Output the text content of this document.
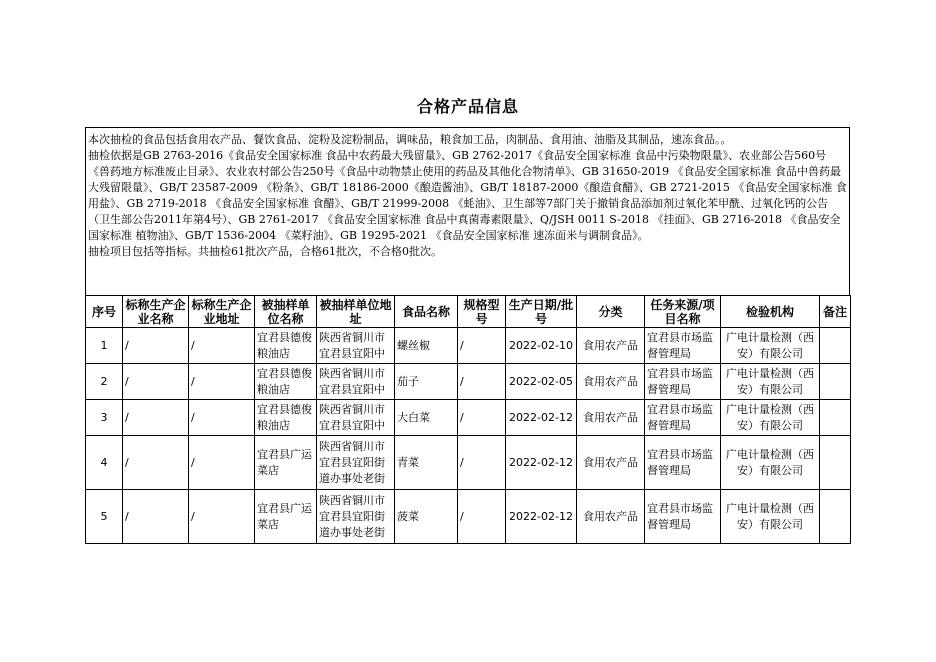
合格产品信息
本次抽检的食品包括食用农产品、餐饮食品、淀粉及淀粉制品，调味品，粮食加工品，肉制品、食用油、油脂及其制品，速冻食品。。
抽检依据是GB 2763-2016《食品安全国家标准 食品中农药最大残留量》、GB 2762-2017《食品安全国家标准 食品中污染物限量》、农业部公告560号《兽药地方标准废止目录》、农业农村部公告250号《食品中动物禁止使用的药品及其他化合物清单》、GB 31650-2019 《食品安全国家标准 食品中兽药最大残留限量》、GB/T 23587-2009 《粉条》、GB/T 18186-2000《酿造酱油》、GB/T 18187-2000《酿造食醋》、GB 2721-2015 《食品安全国家标准 食用盐》、GB 2719-2018 《食品安全国家标准 食醋》、GB/T 21999-2008 《蚝油》、卫生部等7部门关于撤销食品添加剂过氧化苯甲酰、过氧化钙的公告（卫生部公告2011年第4号）、GB 2761-2017 《食品安全国家标准 食品中真菌毒素限量》、Q/JSH 0011 S-2018 《挂面》、GB 2716-2018 《食品安全国家标准 植物油》、GB/T 1536-2004 《菜籽油》、GB 19295-2021 《食品安全国家标准 速冻面米与调制食品》。
抽检项目包括等指标。共抽检61批次产品，合格61批次，不合格0批次。
序号	标称生产企业名称	标称生产企业地址	被抽样单位名称	被抽样单位地址	食品名称	规格型号	生产日期/批号	分类	任务来源/项目名称	检验机构	备注
1	/	/	宜君县德俊粮油店	陕西省铜川市宜君县宜阳中	螺丝椒	/	2022-02-10	食用农产品	宜君县市场监督管理局	广电计量检测（西安）有限公司	
2	/	/	宜君县德俊粮油店	陕西省铜川市宜君县宜阳中	茄子	/	2022-02-05	食用农产品	宜君县市场监督管理局	广电计量检测（西安）有限公司	
3	/	/	宜君县德俊粮油店	陕西省铜川市宜君县宜阳中	大白菜	/	2022-02-12	食用农产品	宜君县市场监督管理局	广电计量检测（西安）有限公司	
4	/	/	宜君县广运菜店	陕西省铜川市宜君县宜阳街道办事处老街	青菜	/	2022-02-12	食用农产品	宜君县市场监督管理局	广电计量检测（西安）有限公司	
5	/	/	宜君县广运菜店	陕西省铜川市宜君县宜阳街道办事处老街	菠菜	/	2022-02-12	食用农产品	宜君县市场监督管理局	广电计量检测（西安）有限公司	
